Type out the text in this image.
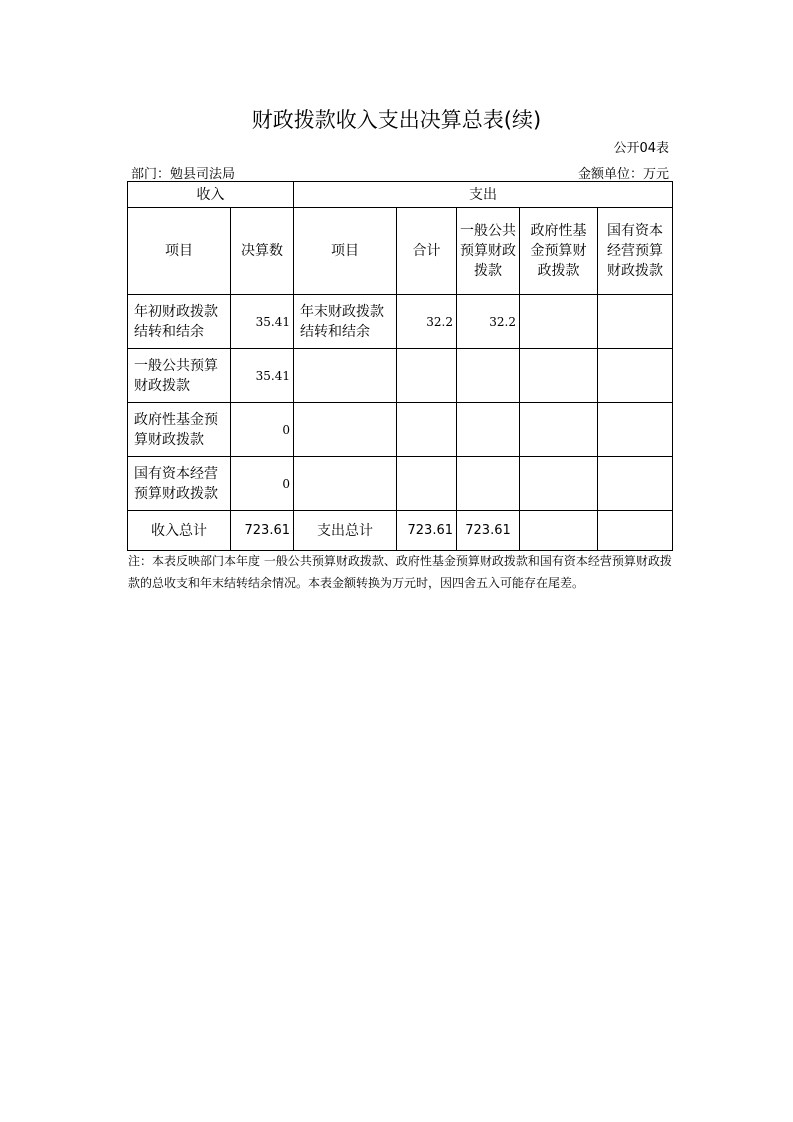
财政拨款收入支出决算总表(续)
公开04表
部门：勉县司法局	金额单位：万元
收入		支出				
项目	决算数	项目	合计	一般公共预算财政拨款	政府性基金预算财政拨款	国有资本经营预算财政拨款
年初财政拨款结转和结余	35.41	年末财政拨款结转和结余	32.2	32.2		
一般公共预算财政拨款	35.41					
政府性基金预算财政拨款	0					
国有资本经营预算财政拨款	0					
收入总计	723.61	支出总计	723.61	723.61		
注：本表反映部门本年度 一般公共预算财政拨款、政府性基金预算财政拨款和国有资本经营预算财政拨款的总收支和年末结转结余情况。本表金额转换为万元时，因四舍五入可能存在尾差。
